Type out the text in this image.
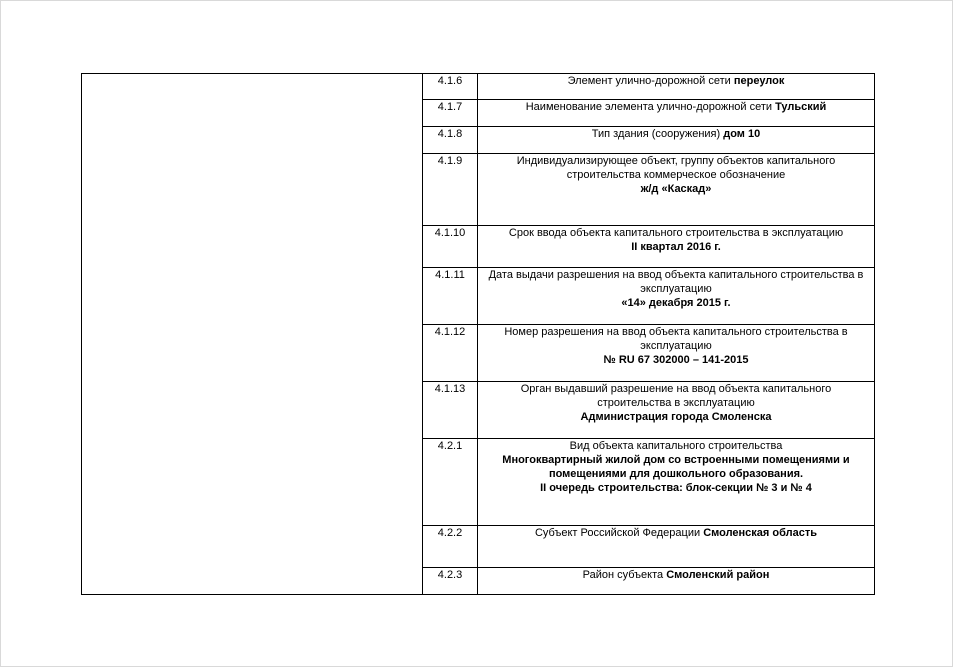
	4.1.6	Элемент улично-дорожной сети переулок
	4.1.7	Наименование элемента улично-дорожной сети Тульский
	4.1.8	Тип здания (сооружения) дом 10
	4.1.9	Индивидуализирующее объект, группу объектов капитального
строительства коммерческое обозначение
ж/д «Каскад»

	4.1.10	Срок ввода объекта капитального строительства в эксплуатацию
II квартал 2016 г.

	4.1.11	Дата выдачи разрешения на ввод объекта капитального строительства в
эксплуатацию
«14» декабря 2015 г.

	4.1.12	Номер разрешения на ввод объекта капитального строительства в
эксплуатацию
№ RU 67 302000 – 141-2015

	4.1.13	Орган выдавший разрешение на ввод объекта капитального
строительства в эксплуатацию
Администрация города Смоленска

	4.2.1	Вид объекта капитального строительства
Многоквартирный жилой дом со встроенными помещениями и
помещениями для дошкольного образования.
II очередь строительства: блок-секции № 3 и № 4

	4.2.2	Субъект Российской Федерации Смоленская область
	4.2.3	Район субъекта Смоленский район
